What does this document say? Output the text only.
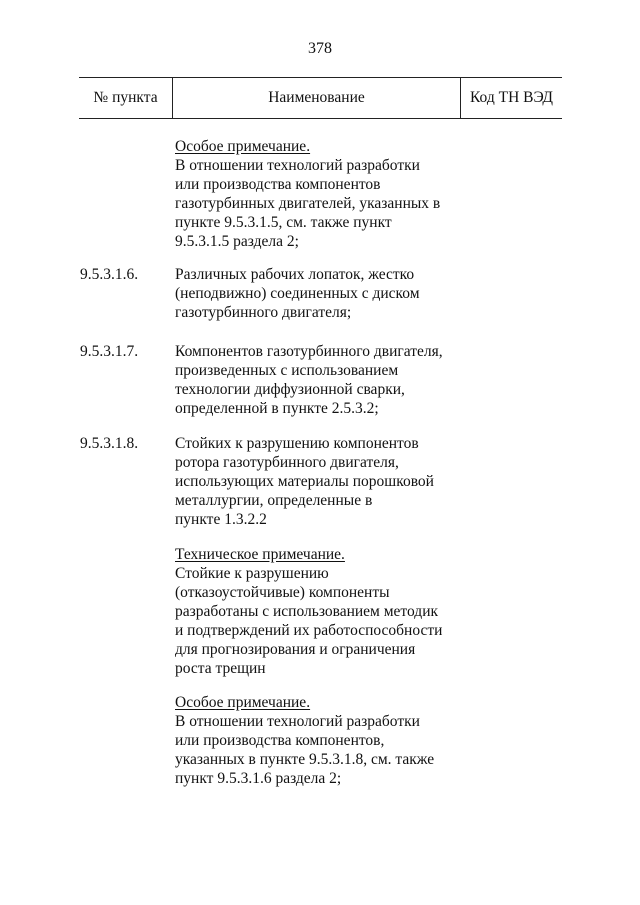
378
№ пункта	Наименование	Код ТН ВЭД
Особое примечание.
В отношении технологий разработки
или производства компонентов
газотурбинных двигателей, указанных в
пункте 9.5.3.1.5, см. также пункт
9.5.3.1.5 раздела 2;
9.5.3.1.6. Различных рабочих лопаток, жестко
(неподвижно) соединенных с диском
газотурбинного двигателя;
9.5.3.1.7. Компонентов газотурбинного двигателя,
произведенных с использованием
технологии диффузионной сварки,
определенной в пункте 2.5.3.2;
9.5.3.1.8. Стойких к разрушению компонентов
ротора газотурбинного двигателя,
использующих материалы порошковой
металлургии, определенные в
пункте 1.3.2.2
Техническое примечание.
Стойкие к разрушению
(отказоустойчивые) компоненты
разработаны с использованием методик
и подтверждений их работоспособности
для прогнозирования и ограничения
роста трещин
Особое примечание.
В отношении технологий разработки
или производства компонентов,
указанных в пункте 9.5.3.1.8, см. также
пункт 9.5.3.1.6 раздела 2;
